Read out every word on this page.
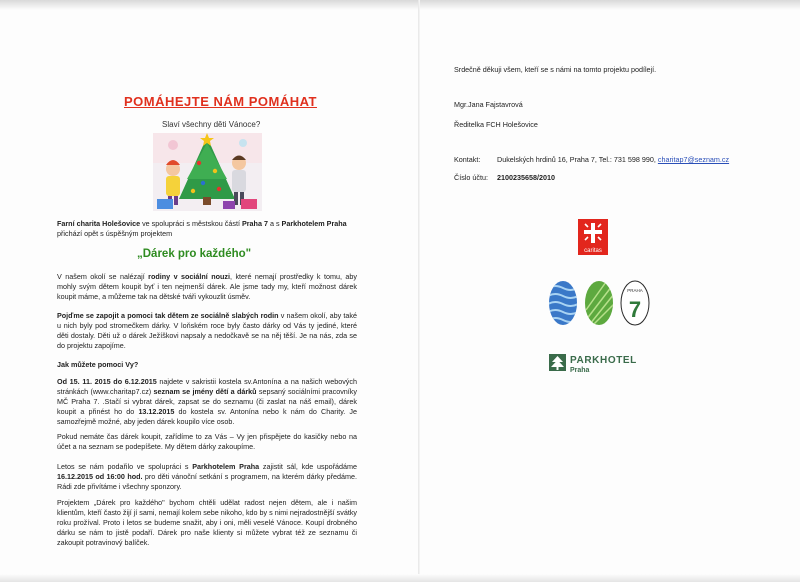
POMÁHEJTE NÁM POMÁHAT
Slaví všechny děti Vánoce?
Farní charita Holešovice ve spolupráci s městskou částí Praha 7 a s Parkhotelem Praha přichází opět s úspěšným projektem
„Dárek pro každého"
V našem okolí se nalézají rodiny v sociální nouzi, které nemají prostředky k tomu, aby mohly svým dětem koupit byť i ten nejmenší dárek. Ale jsme tady my, kteří možnost dárek koupit máme, a můžeme tak na dětské tváři vykouzlit úsměv.
Pojďme se zapojit a pomoci tak dětem ze sociálně slabých rodin v našem okolí, aby také u nich byly pod stromečkem dárky. V loňském roce byly často dárky od Vás ty jediné, které děti dostaly. Děti už o dárek Ježíškovi napsaly a nedočkavě se na něj těší. Je na nás, zda se do projektu zapojíme.
Jak můžete pomoci Vy?
Od 15. 11. 2015 do 6.12.2015 najdete v sakristii kostela sv.Antonína a na našich webových stránkách (www.charitap7.cz) seznam se jmény dětí a dárků sepsaný sociálními pracovníky MČ Praha 7. .Stačí si vybrat dárek, zapsat se do seznamu (či zaslat na náš email), dárek koupit a přinést ho do 13.12.2015 do kostela sv. Antonína nebo k nám do Charity. Je samozřejmě možné, aby jeden dárek koupilo více osob.
Pokud nemáte čas dárek koupit, zařídíme to za Vás – Vy jen přispějete do kasičky nebo na účet a na seznam se podepíšete. My dětem dárky zakoupíme.
Letos se nám podařilo ve spolupráci s Parkhotelem Praha zajistit sál, kde uspořádáme 16.12.2015 od 16:00 hod. pro děti vánoční setkání s programem, na kterém dárky předáme. Rádi zde přivítáme i všechny sponzory.
Projektem „Dárek pro každého" bychom chtěli udělat radost nejen dětem, ale i našim klientům, kteří často žijí jí sami, nemají kolem sebe nikoho, kdo by s nimi nejradostnější svátky roku prožíval. Proto i letos se budeme snažit, aby i oni, měli veselé Vánoce. Koupí drobného dárku se nám to jistě podaří. Dárek pro naše klienty si můžete vybrat též ze seznamu či zakoupit potravinový balíček.
Srdečně děkuji všem, kteří se s námi na tomto projektu podílejí.
Mgr.Jana Fajstavrová
Ředitelka FCH Holešovice
Kontakt: Dukelských hrdinů 16, Praha 7, Tel.: 731 598 990, charitap7@seznam.cz
Číslo účtu: 2100235658/2010
caritas
PRAHA
7
PARKHOTEL
Praha
